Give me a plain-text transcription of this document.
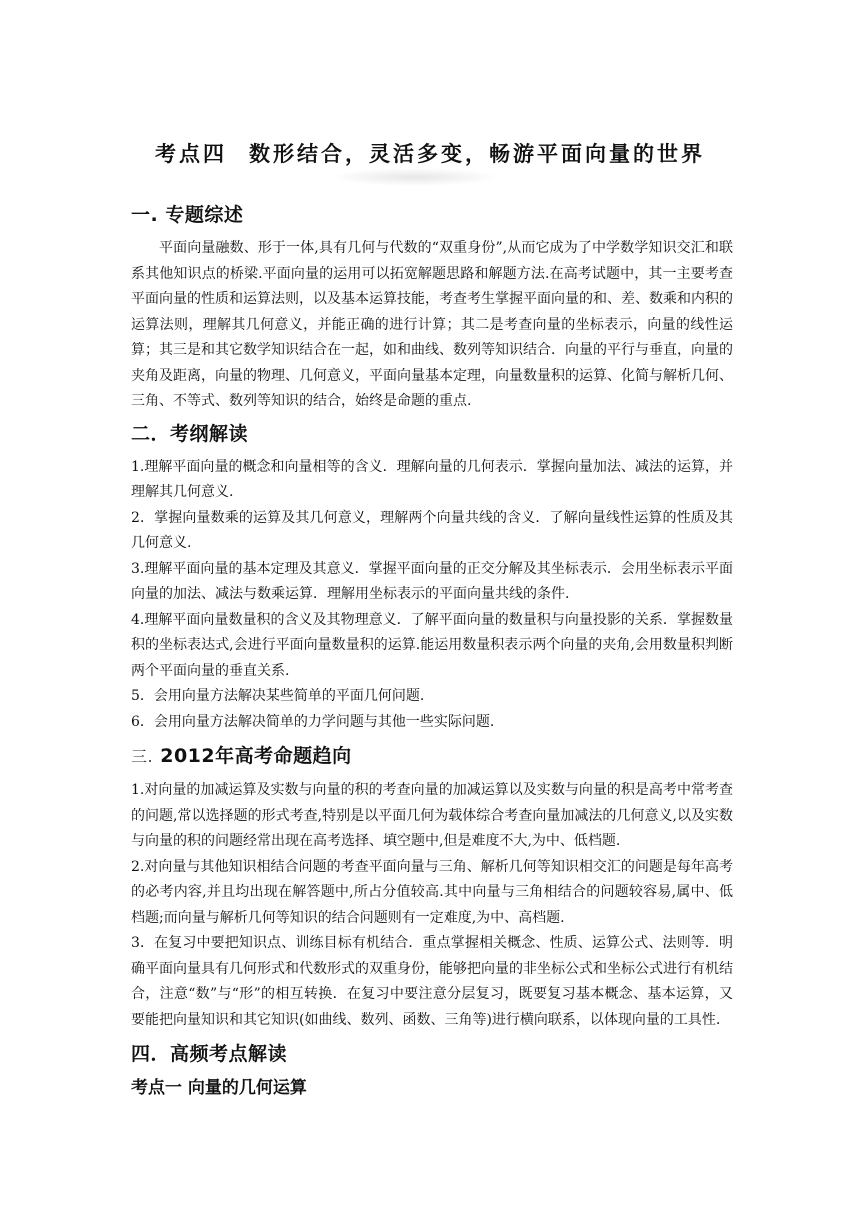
考点四 数形结合，灵活多变，畅游平面向量的世界
一. 专题综述

平面向量融数、形于一体,具有几何与代数的“双重身份”,从而它成为了中学数学知识交汇和联系其他知识点的桥梁.平面向量的运用可以拓宽解题思路和解题方法.在高考试题中，其一主要考查平面向量的性质和运算法则，以及基本运算技能，考查考生掌握平面向量的和、差、数乘和内积的运算法则，理解其几何意义，并能正确的进行计算；其二是考查向量的坐标表示，向量的线性运算；其三是和其它数学知识结合在一起，如和曲线、数列等知识结合．向量的平行与垂直，向量的夹角及距离，向量的物理、几何意义，平面向量基本定理，向量数量积的运算、化简与解析几何、三角、不等式、数列等知识的结合，始终是命题的重点.

二．考纲解读

1.理解平面向量的概念和向量相等的含义．理解向量的几何表示．掌握向量加法、减法的运算，并理解其几何意义.

2．掌握向量数乘的运算及其几何意义，理解两个向量共线的含义．了解向量线性运算的性质及其几何意义.

3.理解平面向量的基本定理及其意义．掌握平面向量的正交分解及其坐标表示．会用坐标表示平面向量的加法、减法与数乘运算．理解用坐标表示的平面向量共线的条件.

4.理解平面向量数量积的含义及其物理意义．了解平面向量的数量积与向量投影的关系．掌握数量积的坐标表达式,会进行平面向量数量积的运算.能运用数量积表示两个向量的夹角,会用数量积判断两个平面向量的垂直关系.

5．会用向量方法解决某些简单的平面几何问题.

6．会用向量方法解决简单的力学问题与其他一些实际问题.

三. 2012年高考命题趋向

1.对向量的加减运算及实数与向量的积的考查向量的加减运算以及实数与向量的积是高考中常考查的问题,常以选择题的形式考查,特别是以平面几何为载体综合考查向量加减法的几何意义,以及实数与向量的积的问题经常出现在高考选择、填空题中,但是难度不大,为中、低档题.

2.对向量与其他知识相结合问题的考查平面向量与三角、解析几何等知识相交汇的问题是每年高考的必考内容,并且均出现在解答题中,所占分值较高.其中向量与三角相结合的问题较容易,属中、低档题;而向量与解析几何等知识的结合问题则有一定难度,为中、高档题.

3．在复习中要把知识点、训练目标有机结合．重点掌握相关概念、性质、运算公式、法则等．明确平面向量具有几何形式和代数形式的双重身份，能够把向量的非坐标公式和坐标公式进行有机结合，注意“数”与“形”的相互转换．在复习中要注意分层复习，既要复习基本概念、基本运算，又要能把向量知识和其它知识(如曲线、数列、函数、三角等)进行横向联系，以体现向量的工具性.

四．高频考点解读
考点一 向量的几何运算
